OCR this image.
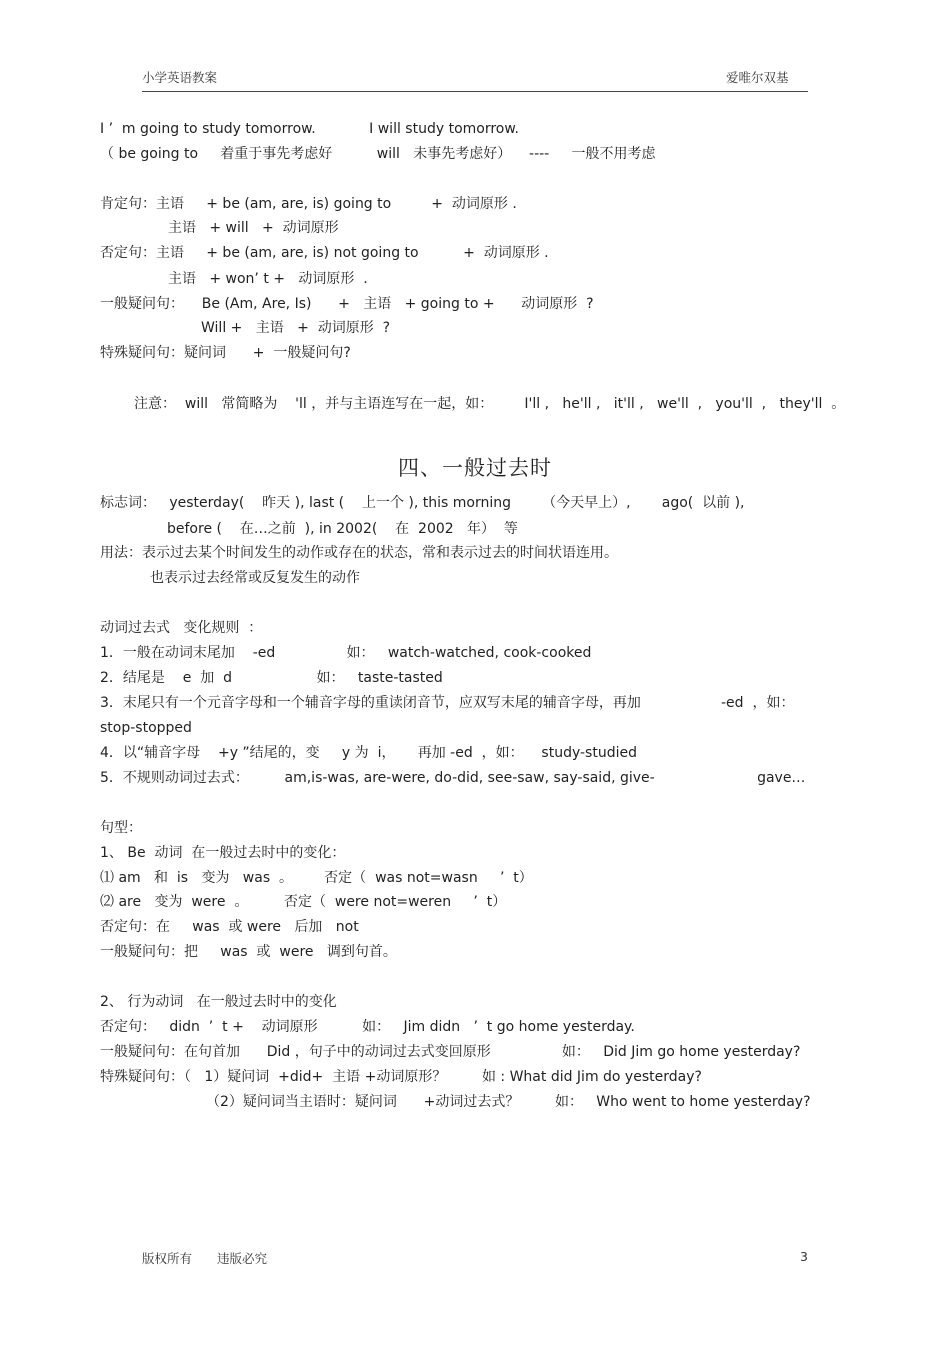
小学英语教案	爱唯尔双基
I ’  m going to study tomorrow.            I will study tomorrow.
（ be going to     着重于事先考虑好          will   未事先考虑好）    ----     一般不用考虑
肯定句：主语     + be (am, are, is) going to         +  动词原形 .
主语   + will   +  动词原形
否定句：主语     + be (am, are, is) not going to          +  动词原形 .
主语   + won’ t +   动词原形  .
一般疑问句：    Be (Am, Are, Is)      +   主语   + going to +      动词原形  ?
Will +   主语   +  动词原形  ?
特殊疑问句：疑问词      +  一般疑问句?
注意：  will   常简略为    'll ，并与主语连写在一起，如：       I'll ,   he'll ,   it'll ,   we'll  ,   you'll  ,   they'll  。
四、一般过去时
标志词：   yesterday(    昨天 ), last (    上一个 ), this morning       （今天早上）,       ago(  以前 ),
before (    在…之前  ), in 2002(    在  2002   年）  等
用法：表示过去某个时间发生的动作或存在的状态，常和表示过去的时间状语连用。
也表示过去经常或反复发生的动作
动词过去式   变化规则  ：
1．一般在动词末尾加    -ed                如：   watch-watched, cook-cooked
2．结尾是    e  加  d                   如：   taste-tasted
3．末尾只有一个元音字母和一个辅音字母的重读闭音节，应双写末尾的辅音字母，再加                  -ed  ，如：
stop-stopped
4．以“辅音字母    +y ”结尾的，变     y 为  i，     再加 -ed  ，如：    study-studied
5．不规则动词过去式：        am,is-was, are-were, do-did, see-saw, say-said, give-                       gave…
句型：
1、 Be  动词  在一般过去时中的变化：
⑴ am   和  is   变为   was  。       否定（  was not=wasn     ’  t）
⑵ are   变为  were  。        否定（  were not=weren     ’  t）
否定句：在     was  或 were   后加   not
一般疑问句：把     was  或  were   调到句首。
2、 行为动词   在一般过去时中的变化
否定句：   didn  ’  t +    动词原形          如：   Jim didn   ’  t go home yesterday.
一般疑问句：在句首加      Did ，句子中的动词过去式变回原形                如：   Did Jim go home yesterday?
特殊疑问句：（   1）疑问词  +did+  主语 +动词原形？        如 : What did Jim do yesterday?
（2）疑问词当主语时：疑问词      +动词过去式？        如：   Who went to home yesterday?
版权所有　　违版必究	3
